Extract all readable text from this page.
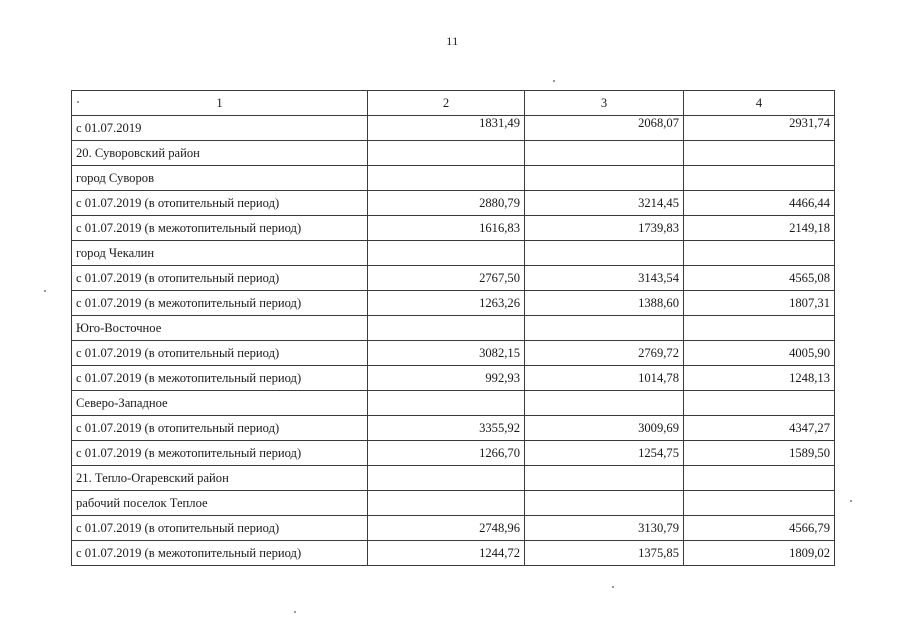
11
1	2	3	4
с 01.07.2019	1831,49	2068,07	2931,74
20. Суворовский район			
город Суворов			
с 01.07.2019 (в отопительный период)	2880,79	3214,45	4466,44
с 01.07.2019 (в межотопительный период)	1616,83	1739,83	2149,18
город Чекалин			
с 01.07.2019 (в отопительный период)	2767,50	3143,54	4565,08
с 01.07.2019 (в межотопительный период)	1263,26	1388,60	1807,31
Юго-Восточное			
с 01.07.2019 (в отопительный период)	3082,15	2769,72	4005,90
с 01.07.2019 (в межотопительный период)	992,93	1014,78	1248,13
Северо-Западное			
с 01.07.2019 (в отопительный период)	3355,92	3009,69	4347,27
с 01.07.2019 (в межотопительный период)	1266,70	1254,75	1589,50
21. Тепло-Огаревский район			
рабочий поселок Теплое			
с 01.07.2019 (в отопительный период)	2748,96	3130,79	4566,79
с 01.07.2019 (в межотопительный период)	1244,72	1375,85	1809,02
